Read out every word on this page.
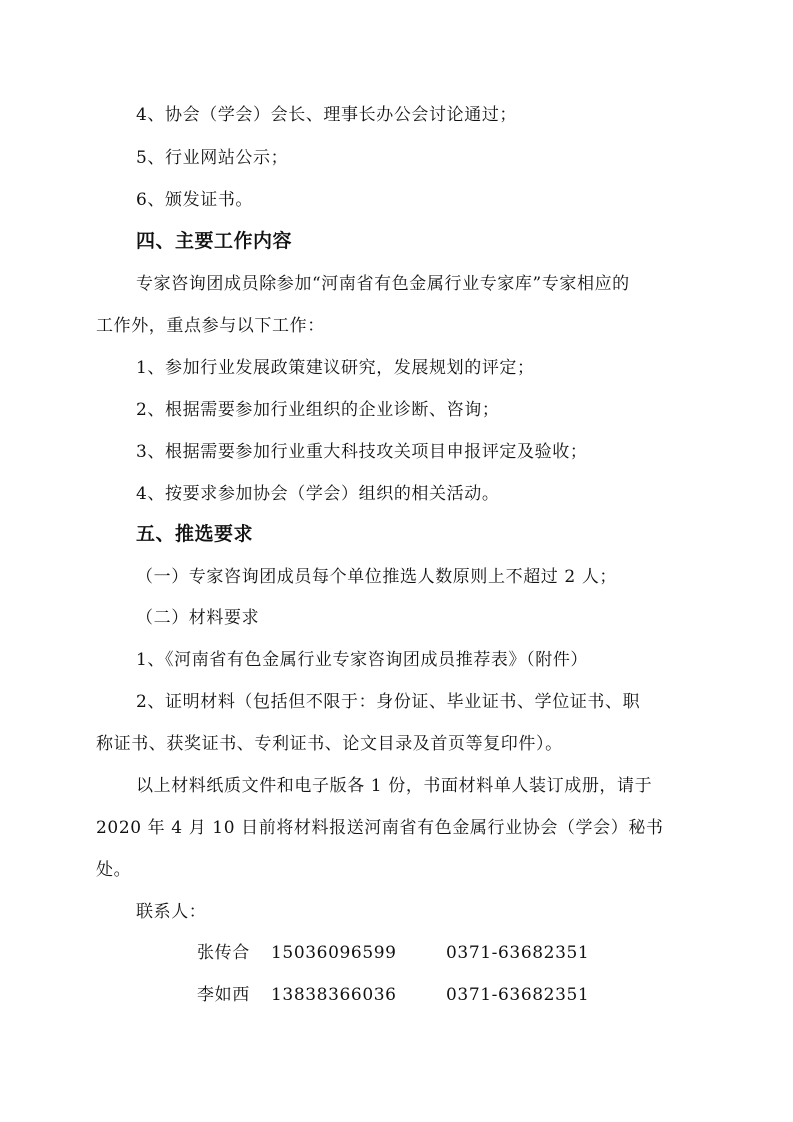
4、协会（学会）会长、理事长办公会讨论通过；
5、行业网站公示；
6、颁发证书。
四、主要工作内容
专家咨询团成员除参加“河南省有色金属行业专家库”专家相应的
工作外，重点参与以下工作：
1、参加行业发展政策建议研究，发展规划的评定；
2、根据需要参加行业组织的企业诊断、咨询；
3、根据需要参加行业重大科技攻关项目申报评定及验收；
4、按要求参加协会（学会）组织的相关活动。
五、推选要求
（一）专家咨询团成员每个单位推选人数原则上不超过 2 人；
（二）材料要求
1、《河南省有色金属行业专家咨询团成员推荐表》（附件）
2、证明材料（包括但不限于：身份证、毕业证书、学位证书、职
称证书、获奖证书、专利证书、论文目录及首页等复印件）。
以上材料纸质文件和电子版各 1 份，书面材料单人装订成册，请于
2020 年 4 月 10 日前将材料报送河南省有色金属行业协会（学会）秘书
处。
联系人：
张传合 15036096599	0371-63682351
李如西 13838366036	0371-63682351
